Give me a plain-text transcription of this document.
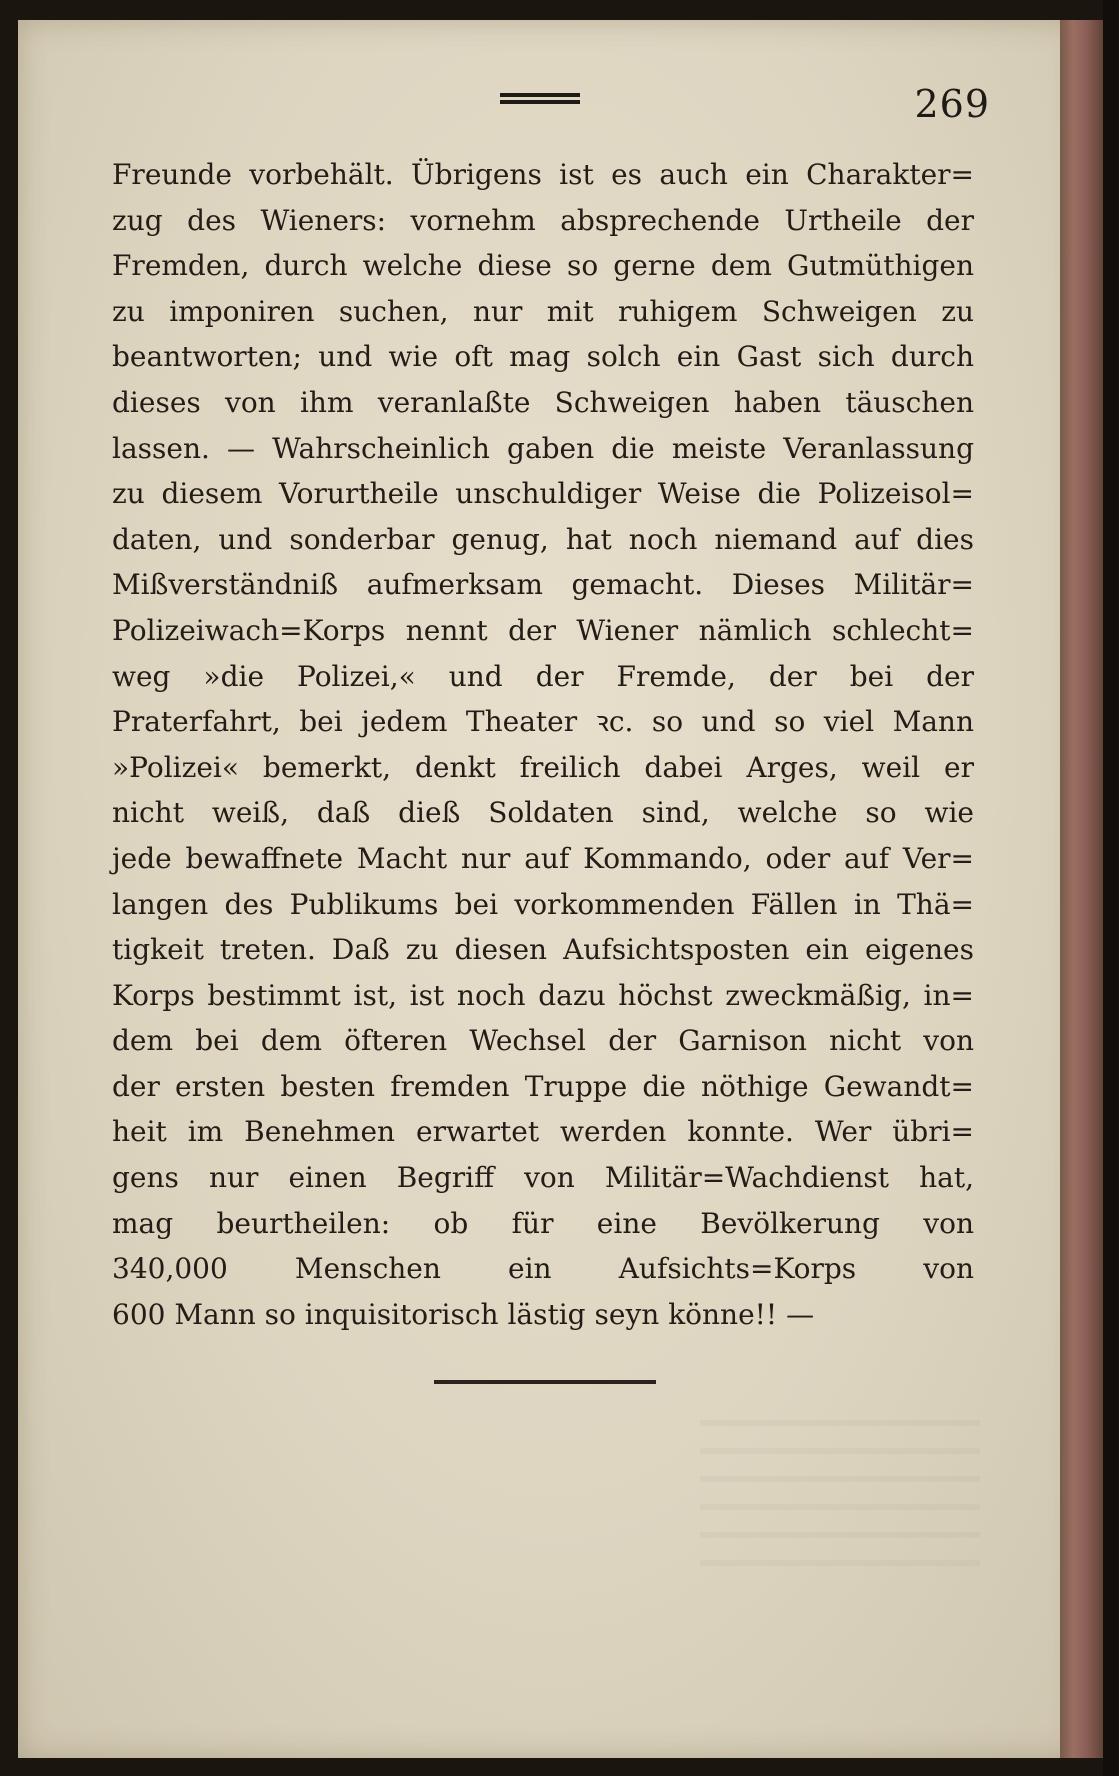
269
Freunde vorbehält. Übrigens ist es auch ein Charakter=
zug des Wieners: vornehm absprechende Urtheile der
Fremden, durch welche diese so gerne dem Gutmüthigen
zu imponiren suchen, nur mit ruhigem Schweigen zu
beantworten; und wie oft mag solch ein Gast sich durch
dieses von ihm veranlaßte Schweigen haben täuschen
lassen. — Wahrscheinlich gaben die meiste Veranlassung
zu diesem Vorurtheile unschuldiger Weise die Polizeisol=
daten, und sonderbar genug, hat noch niemand auf dies
Mißverständniß aufmerksam gemacht. Dieses Militär=
Polizeiwach=Korps nennt der Wiener nämlich schlecht=
weg »die Polizei,« und der Fremde, der bei der
Praterfahrt, bei jedem Theater ꝛc. so und so viel Mann
»Polizei« bemerkt, denkt freilich dabei Arges, weil er
nicht weiß, daß dieß Soldaten sind, welche so wie
jede bewaffnete Macht nur auf Kommando, oder auf Ver=
langen des Publikums bei vorkommenden Fällen in Thä=
tigkeit treten. Daß zu diesen Aufsichtsposten ein eigenes
Korps bestimmt ist, ist noch dazu höchst zweckmäßig, in=
dem bei dem öfteren Wechsel der Garnison nicht von
der ersten besten fremden Truppe die nöthige Gewandt=
heit im Benehmen erwartet werden konnte. Wer übri=
gens nur einen Begriff von Militär=Wachdienst hat,
mag beurtheilen: ob für eine Bevölkerung von
340,000 Menschen ein Aufsichts=Korps von
600 Mann so inquisitorisch lästig seyn könne!! —
